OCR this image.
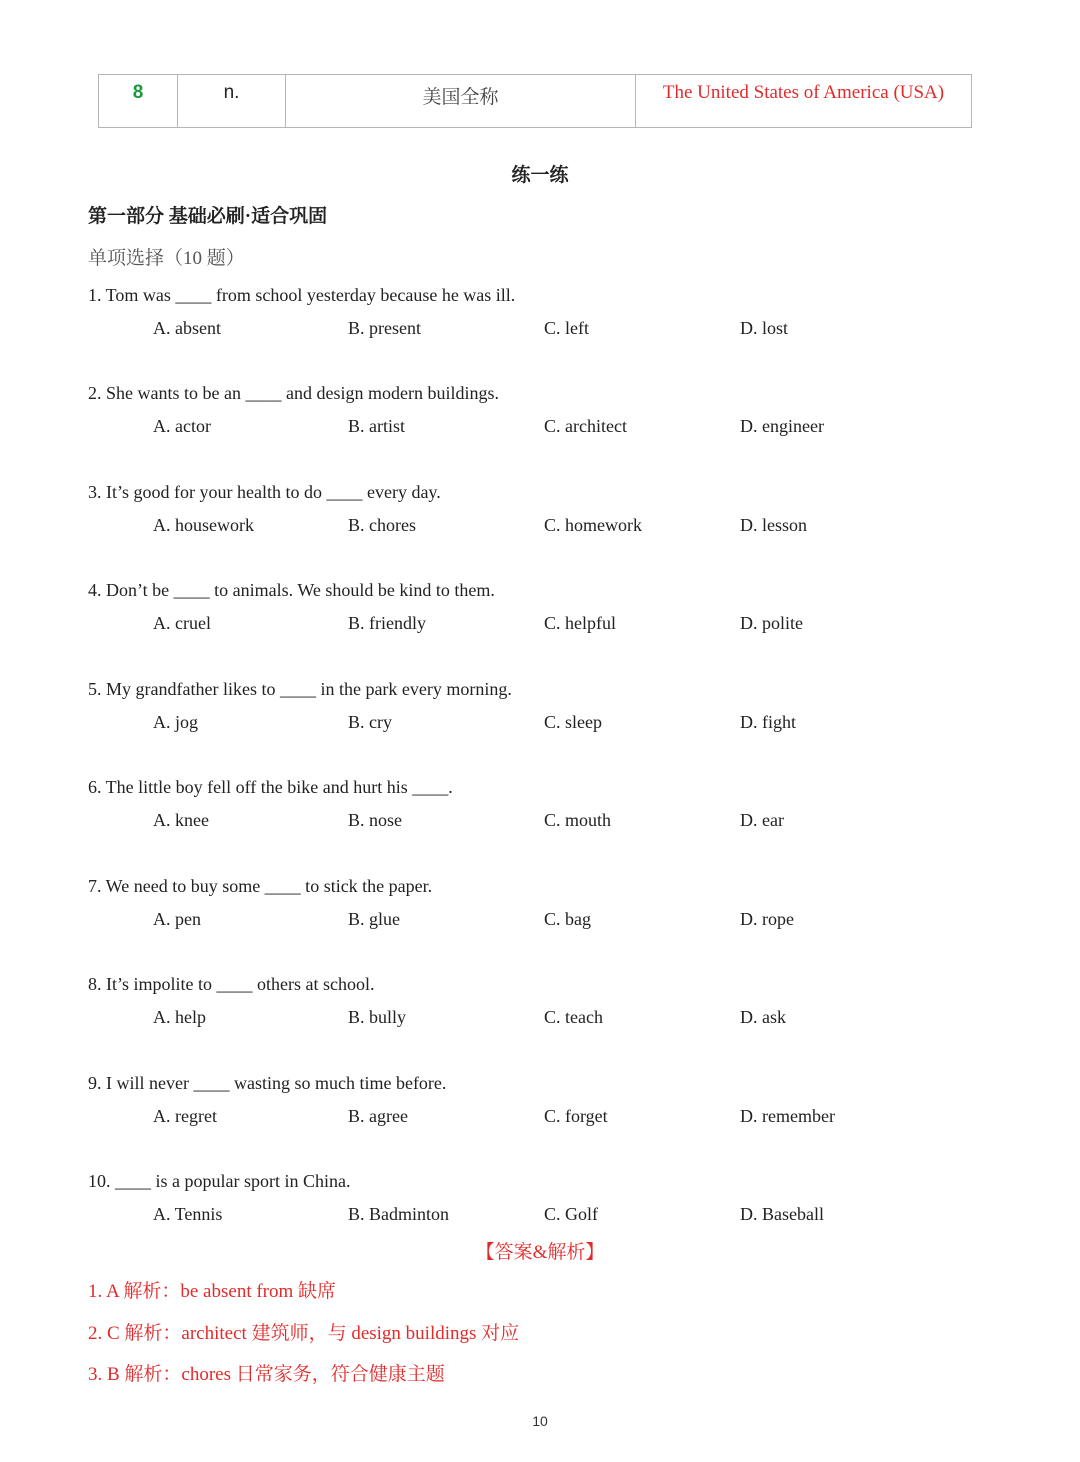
8	n.	美国全称	The United States of America (USA)
练一练
第一部分 基础必刷·适合巩固
单项选择（10 题）
1. Tom was ____ from school yesterday because he was ill.
A. absent	B. present	C. left	D. lost
2. She wants to be an ____ and design modern buildings.
A. actor	B. artist	C. architect	D. engineer
3. It’s good for your health to do ____ every day.
A. housework	B. chores	C. homework	D. lesson
4. Don’t be ____ to animals. We should be kind to them.
A. cruel	B. friendly	C. helpful	D. polite
5. My grandfather likes to ____ in the park every morning.
A. jog	B. cry	C. sleep	D. fight
6. The little boy fell off the bike and hurt his ____.
A. knee	B. nose	C. mouth	D. ear
7. We need to buy some ____ to stick the paper.
A. pen	B. glue	C. bag	D. rope
8. It’s impolite to ____ others at school.
A. help	B. bully	C. teach	D. ask
9. I will never ____ wasting so much time before.
A. regret	B. agree	C. forget	D. remember
10. ____ is a popular sport in China.
A. Tennis	B. Badminton	C. Golf	D. Baseball
【答案&解析】
1. A 解析：be absent from 缺席
2. C 解析：architect 建筑师，与 design buildings 对应
3. B 解析：chores 日常家务，符合健康主题
10
